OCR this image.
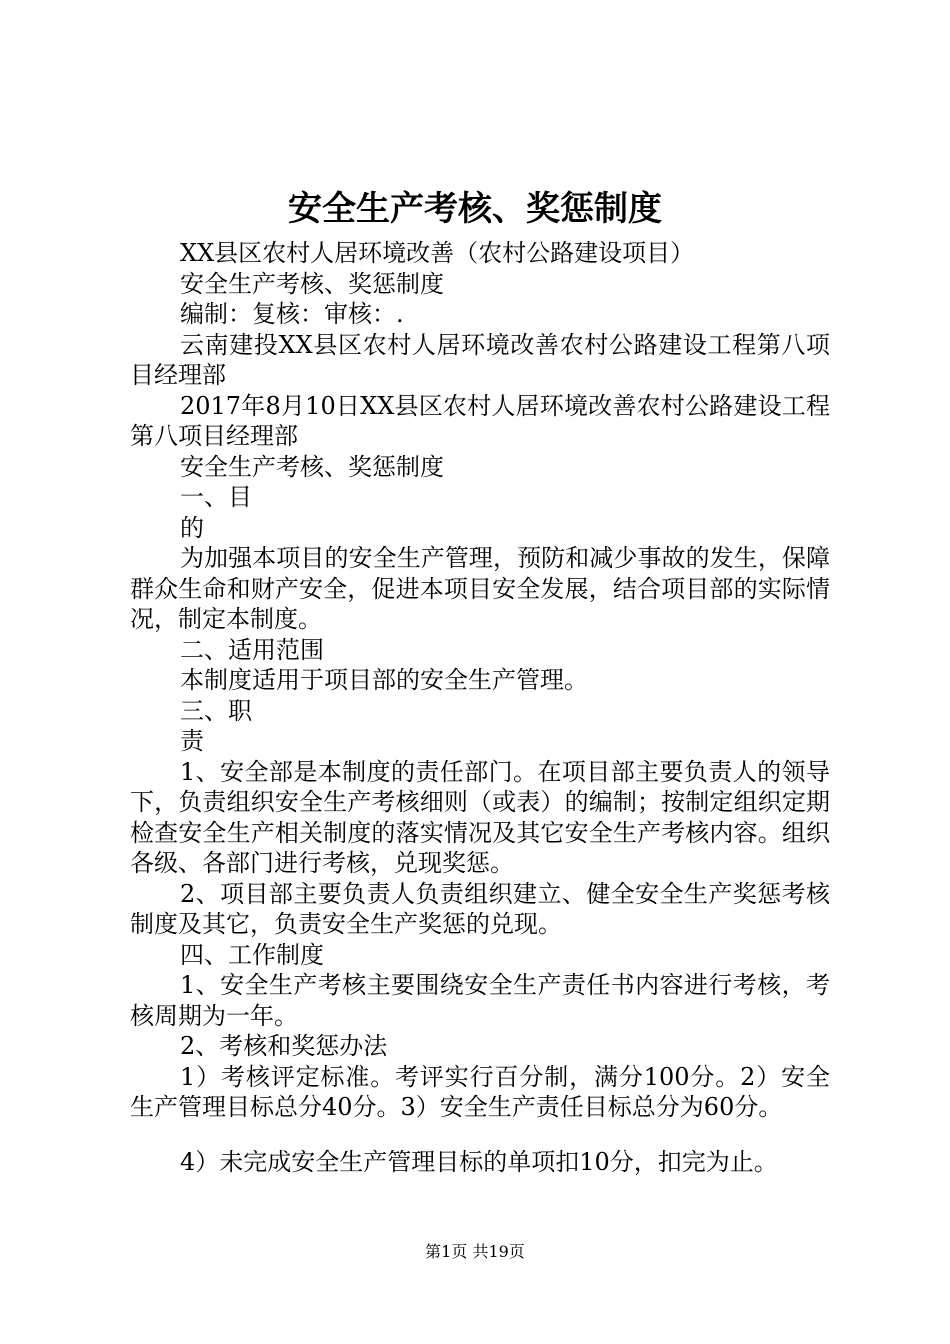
安全生产考核、奖惩制度

XX县区农村人居环境改善（农村公路建设项目）

安全生产考核、奖惩制度

编制：复核：审核：.

云南建投XX县区农村人居环境改善农村公路建设工程第八项目经理部

2017年8月10日XX县区农村人居环境改善农村公路建设工程第八项目经理部

安全生产考核、奖惩制度

一、目

的

为加强本项目的安全生产管理，预防和减少事故的发生，保障群众生命和财产安全，促进本项目安全发展，结合项目部的实际情况，制定本制度。

二、适用范围

本制度适用于项目部的安全生产管理。

三、职

责

1、安全部是本制度的责任部门。在项目部主要负责人的领导下，负责组织安全生产考核细则（或表）的编制；按制定组织定期检查安全生产相关制度的落实情况及其它安全生产考核内容。组织各级、各部门进行考核，兑现奖惩。

2、项目部主要负责人负责组织建立、健全安全生产奖惩考核制度及其它，负责安全生产奖惩的兑现。

四、工作制度

1、安全生产考核主要围绕安全生产责任书内容进行考核，考核周期为一年。

2、考核和奖惩办法

1）考核评定标准。考评实行百分制，满分100分。2）安全生产管理目标总分40分。3）安全生产责任目标总分为60分。

4）未完成安全生产管理目标的单项扣10分，扣完为止。

第1页 共19页
